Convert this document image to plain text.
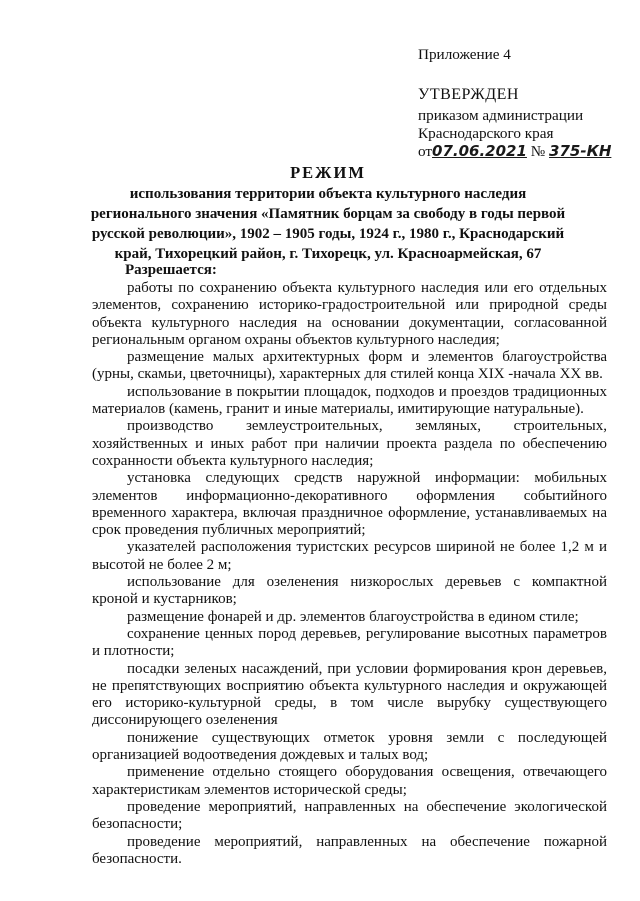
Приложение 4
УТВЕРЖДЕН
приказом администрации
Краснодарского края
от07.06.2021 № 375-КН
РЕЖИМ
использования территории объекта культурного наследия
регионального значения «Памятник борцам за свободу в годы первой
русской революции», 1902 – 1905 годы, 1924 г., 1980 г., Краснодарский
край, Тихорецкий район, г. Тихорецк, ул. Красноармейская, 67
Разрешается:
работы по сохранению объекта культурного наследия или его отдельных
элементов, сохранению историко-градостроительной или природной среды
объекта культурного наследия на основании документации, согласованной
региональным органом охраны объектов культурного наследия;
размещение малых архитектурных форм и элементов благоустройства
(урны, скамьи, цветочницы), характерных для стилей конца XIX -начала XX вв.
использование в покрытии площадок, подходов и проездов традиционных
материалов (камень, гранит и иные материалы, имитирующие натуральные).
производство землеустроительных, земляных, строительных,
хозяйственных и иных работ при наличии проекта раздела по обеспечению
сохранности объекта культурного наследия;
установка следующих средств наружной информации: мобильных
элементов информационно-декоративного оформления событийного
временного характера, включая праздничное оформление, устанавливаемых на
срок проведения публичных мероприятий;
указателей расположения туристских ресурсов шириной не более 1,2 м и
высотой не более 2 м;
использование для озеленения низкорослых деревьев с компактной
кроной и кустарников;
размещение фонарей и др. элементов благоустройства в едином стиле;
сохранение ценных пород деревьев, регулирование высотных параметров
и плотности;
посадки зеленых насаждений, при условии формирования крон деревьев,
не препятствующих восприятию объекта культурного наследия и окружающей
его историко-культурной среды, в том числе вырубку существующего
диссонирующего озеленения
понижение существующих отметок уровня земли с последующей
организацией водоотведения дождевых и талых вод;
применение отдельно стоящего оборудования освещения, отвечающего
характеристикам элементов исторической среды;
проведение мероприятий, направленных на обеспечение экологической
безопасности;
проведение мероприятий, направленных на обеспечение пожарной
безопасности.
